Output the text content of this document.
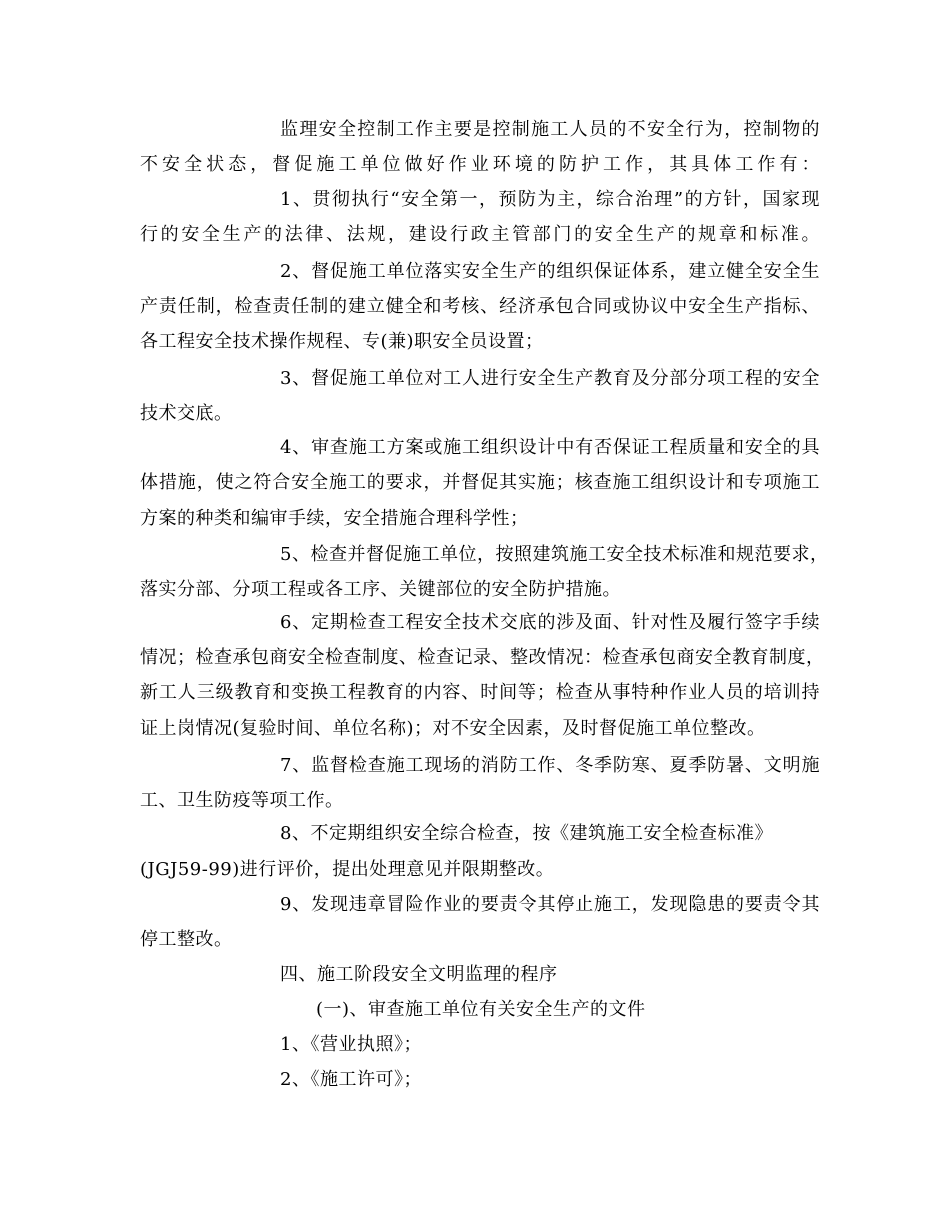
监理安全控制工作主要是控制施工人员的不安全行为，控制物的
不安全状态，督促施工单位做好作业环境的防护工作，其具体工作有：
1、贯彻执行“安全第一，预防为主，综合治理”的方针，国家现
行的安全生产的法律、法规，建设行政主管部门的安全生产的规章和标准。
2、督促施工单位落实安全生产的组织保证体系，建立健全安全生
产责任制，检查责任制的建立健全和考核、经济承包合同或协议中安全生产指标、
各工程安全技术操作规程、专(兼)职安全员设置；
3、督促施工单位对工人进行安全生产教育及分部分项工程的安全
技术交底。
4、审查施工方案或施工组织设计中有否保证工程质量和安全的具
体措施，使之符合安全施工的要求，并督促其实施；核查施工组织设计和专项施工
方案的种类和编审手续，安全措施合理科学性；
5、检查并督促施工单位，按照建筑施工安全技术标准和规范要求，
落实分部、分项工程或各工序、关键部位的安全防护措施。
6、定期检查工程安全技术交底的涉及面、针对性及履行签字手续
情况；检查承包商安全检查制度、检查记录、整改情况：检查承包商安全教育制度，
新工人三级教育和变换工程教育的内容、时间等；检查从事特种作业人员的培训持
证上岗情况(复验时间、单位名称)；对不安全因素，及时督促施工单位整改。
7、监督检查施工现场的消防工作、冬季防寒、夏季防暑、文明施
工、卫生防疫等项工作。
8、不定期组织安全综合检查，按《建筑施工安全检查标准》
(JGJ59-99)进行评价，提出处理意见并限期整改。
9、发现违章冒险作业的要责令其停止施工，发现隐患的要责令其
停工整改。
四、施工阶段安全文明监理的程序
(一)、审查施工单位有关安全生产的文件
1、《营业执照》；
2、《施工许可》；
